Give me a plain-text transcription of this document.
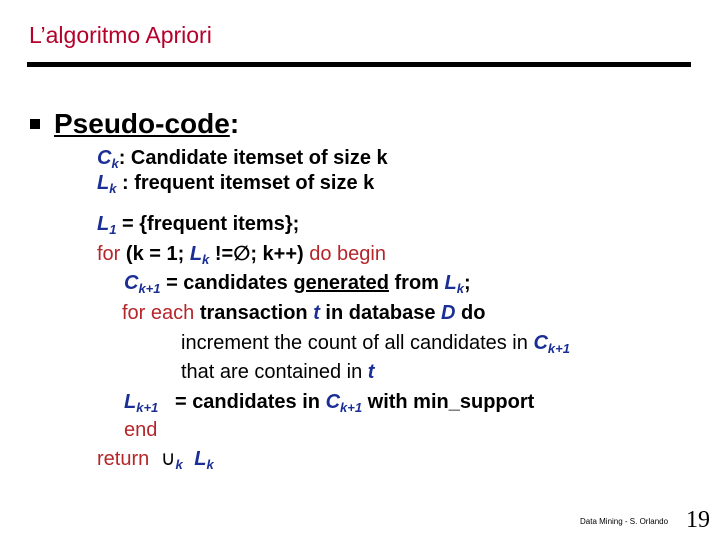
L’algoritmo Apriori
Pseudo-code :
$C_k$: Candidate itemset of size k
$L_k$ : frequent itemset of size k
$L_1$ = {frequent items};
for (k = 1; $L_k$ !=∅; k++) do begin
$C_{k+1}$ = candidates generated from $L_k$;
for each transaction t in database D do
increment the count of all candidates in $C_{k+1}$
that are contained in t
$L_{k+1}$   = candidates in $C_{k+1}$ with min_support
end
return $\cup_k$ $L_k$
Data Mining - S. Orlando 19
